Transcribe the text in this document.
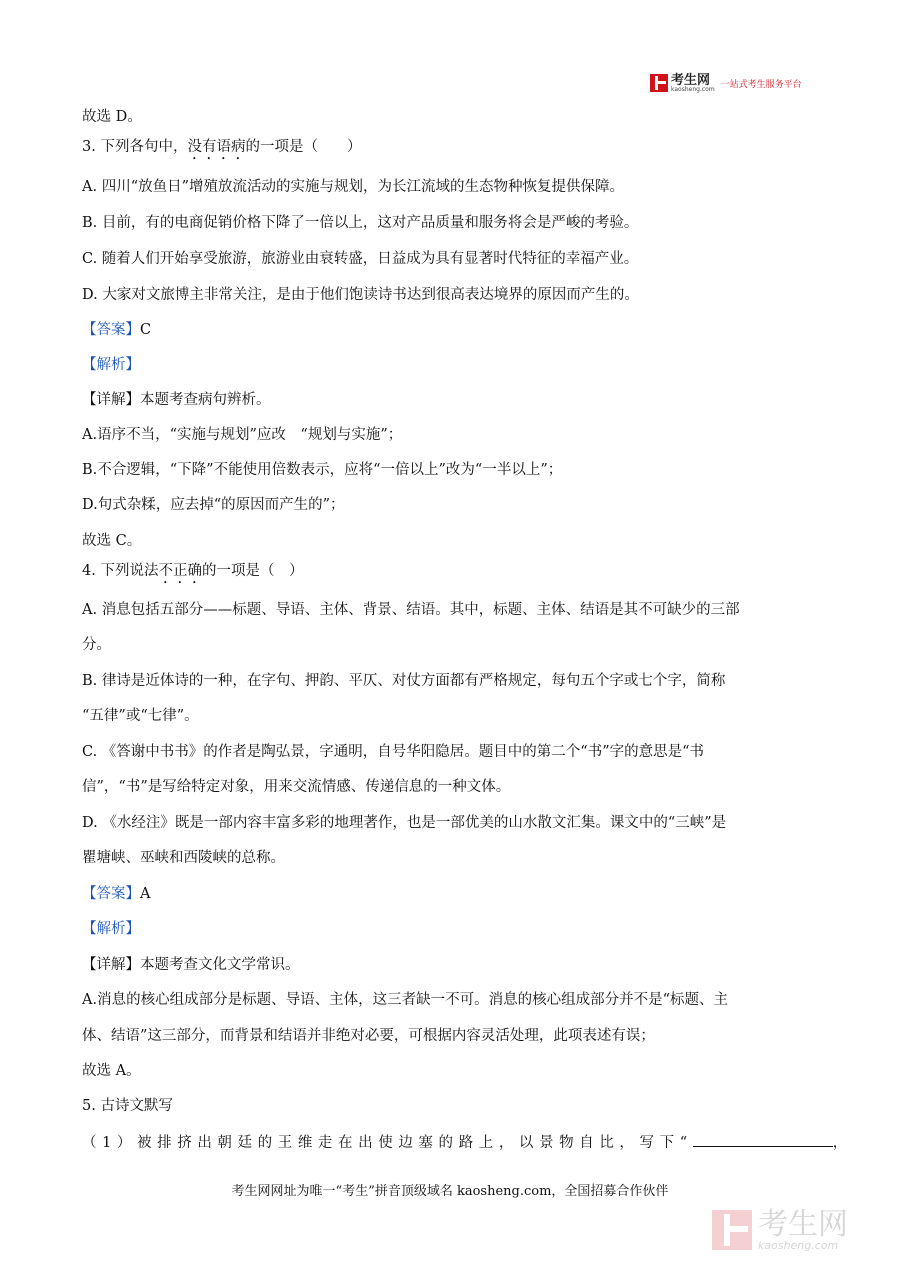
考生网
kaosheng.com 一站式考生服务平台
故选 D。
3. 下列各句中，没有语病的一项是（　　）
A. 四川“放鱼日”增殖放流活动的实施与规划，为长江流域的生态物种恢复提供保障。
B. 目前，有的电商促销价格下降了一倍以上，这对产品质量和服务将会是严峻的考验。
C. 随着人们开始享受旅游，旅游业由衰转盛，日益成为具有显著时代特征的幸福产业。
D. 大家对文旅博主非常关注，是由于他们饱读诗书达到很高表达境界的原因而产生的。
【答案】C
【解析】
【详解】本题考查病句辨析。
A.语序不当，“实施与规划”应改　“规划与实施”；
B.不合逻辑，“下降”不能使用倍数表示，应将“一倍以上”改为“一半以上”；
D.句式杂糅，应去掉“的原因而产生的”；
故选 C。
4. 下列说法不正确的一项是（　）
A. 消息包括五部分——标题、导语、主体、背景、结语。其中，标题、主体、结语是其不可缺少的三部
分。
B. 律诗是近体诗的一种，在字句、押韵、平仄、对仗方面都有严格规定，每句五个字或七个字，简称
“五律”或“七律”。
C. 《答谢中书书》的作者是陶弘景，字通明，自号华阳隐居。题目中的第二个“书”字的意思是“书
信”，“书”是写给特定对象，用来交流情感、传递信息的一种文体。
D. 《水经注》既是一部内容丰富多彩的地理著作，也是一部优美的山水散文汇集。课文中的“三峡”是
瞿塘峡、巫峡和西陵峡的总称。
【答案】A
【解析】
【详解】本题考查文化文学常识。
A.消息的核心组成部分是标题、导语、主体，这三者缺一不可。消息的核心组成部分并不是“标题、主
体、结语”这三部分，而背景和结语并非绝对必要，可根据内容灵活处理，此项表述有误；
故选 A。
5. 古诗文默写
（1）被排挤出朝廷的王维走在出使边塞的路上，以景物自比，写下“	，
考生网网址为唯一“考生”拼音顶级域名 kaosheng.com，全国招募合作伙伴
考生网
kaosheng.com
